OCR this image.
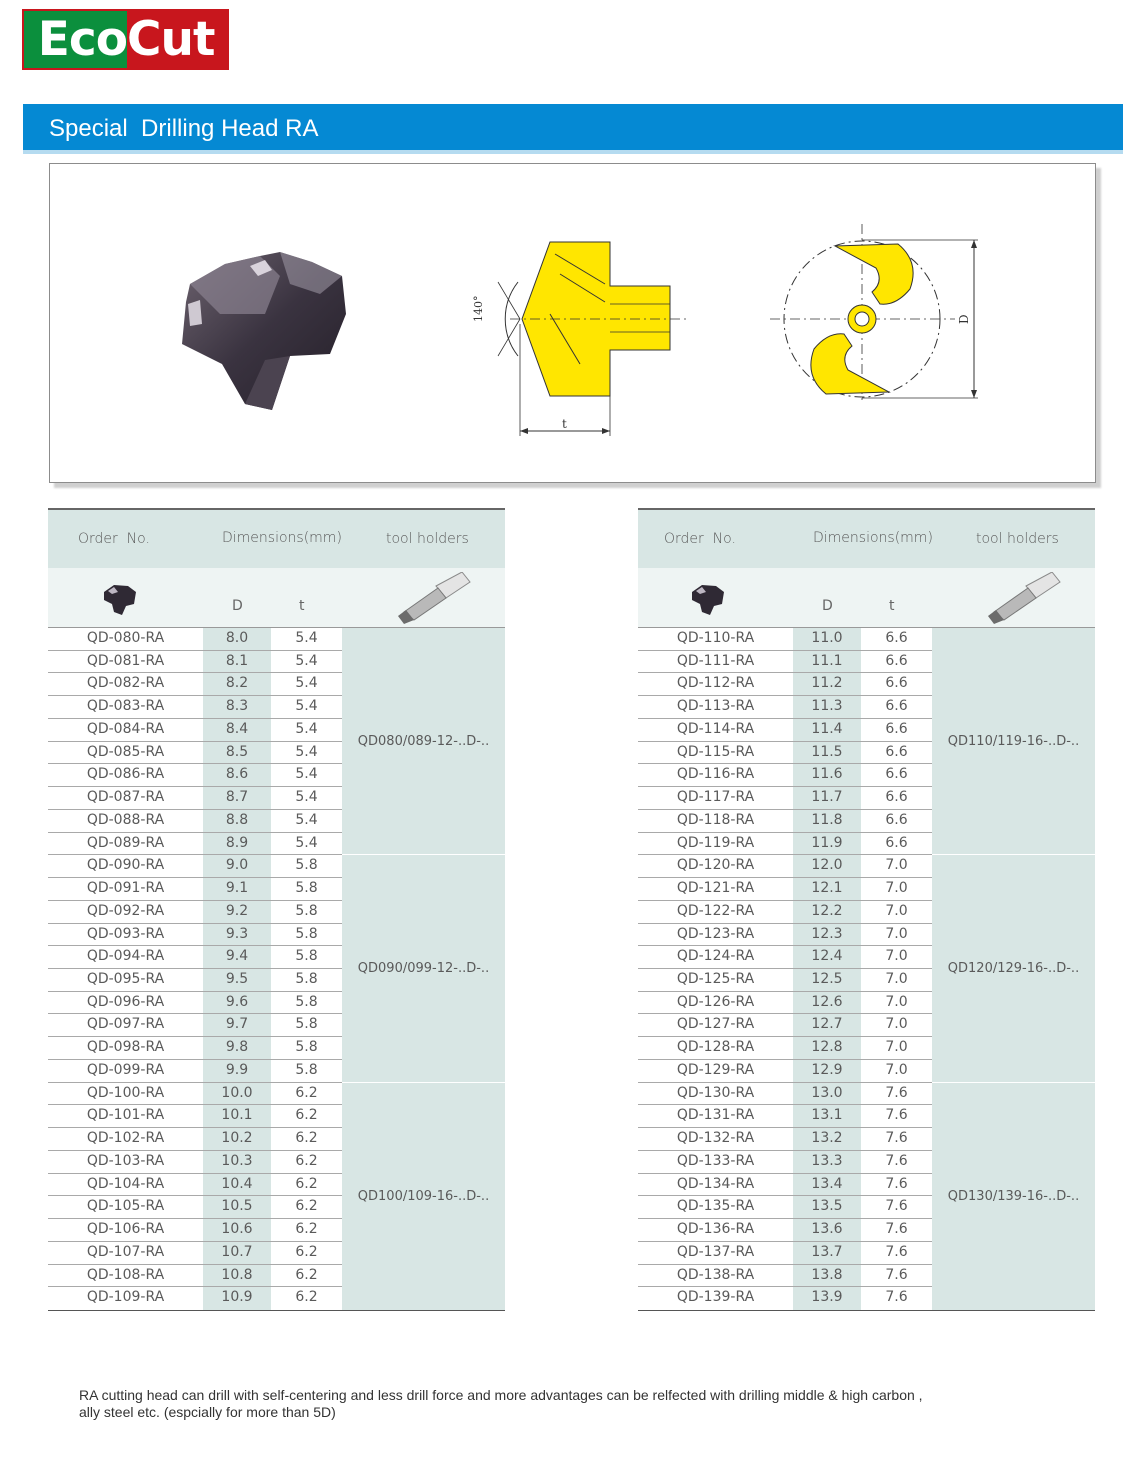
Eco Cut
Special  Drilling Head RA
140°
t
D
Order  No.	Dimensions(mm)	tool holders
D	t
QD-080-RA	8.0	5.4
QD-081-RA	8.1	5.4
QD-082-RA	8.2	5.4
QD-083-RA	8.3	5.4
QD-084-RA	8.4	5.4
QD-085-RA	8.5	5.4
QD-086-RA	8.6	5.4
QD-087-RA	8.7	5.4
QD-088-RA	8.8	5.4
QD-089-RA	8.9	5.4
QD-090-RA	9.0	5.8
QD-091-RA	9.1	5.8
QD-092-RA	9.2	5.8
QD-093-RA	9.3	5.8
QD-094-RA	9.4	5.8
QD-095-RA	9.5	5.8
QD-096-RA	9.6	5.8
QD-097-RA	9.7	5.8
QD-098-RA	9.8	5.8
QD-099-RA	9.9	5.8
QD-100-RA	10.0	6.2
QD-101-RA	10.1	6.2
QD-102-RA	10.2	6.2
QD-103-RA	10.3	6.2
QD-104-RA	10.4	6.2
QD-105-RA	10.5	6.2
QD-106-RA	10.6	6.2
QD-107-RA	10.7	6.2
QD-108-RA	10.8	6.2
QD-109-RA	10.9	6.2
QD080/089-12-..D-..
QD090/099-12-..D-..
QD100/109-16-..D-..
Order  No.	Dimensions(mm)	tool holders
D	t
QD-110-RA	11.0	6.6
QD-111-RA	11.1	6.6
QD-112-RA	11.2	6.6
QD-113-RA	11.3	6.6
QD-114-RA	11.4	6.6
QD-115-RA	11.5	6.6
QD-116-RA	11.6	6.6
QD-117-RA	11.7	6.6
QD-118-RA	11.8	6.6
QD-119-RA	11.9	6.6
QD-120-RA	12.0	7.0
QD-121-RA	12.1	7.0
QD-122-RA	12.2	7.0
QD-123-RA	12.3	7.0
QD-124-RA	12.4	7.0
QD-125-RA	12.5	7.0
QD-126-RA	12.6	7.0
QD-127-RA	12.7	7.0
QD-128-RA	12.8	7.0
QD-129-RA	12.9	7.0
QD-130-RA	13.0	7.6
QD-131-RA	13.1	7.6
QD-132-RA	13.2	7.6
QD-133-RA	13.3	7.6
QD-134-RA	13.4	7.6
QD-135-RA	13.5	7.6
QD-136-RA	13.6	7.6
QD-137-RA	13.7	7.6
QD-138-RA	13.8	7.6
QD-139-RA	13.9	7.6
QD110/119-16-..D-..
QD120/129-16-..D-..
QD130/139-16-..D-..
RA cutting head can drill with self-centering and less drill force and more advantages can be relfected with drilling middle & high carbon ,
ally steel etc. (espcially for more than 5D)
